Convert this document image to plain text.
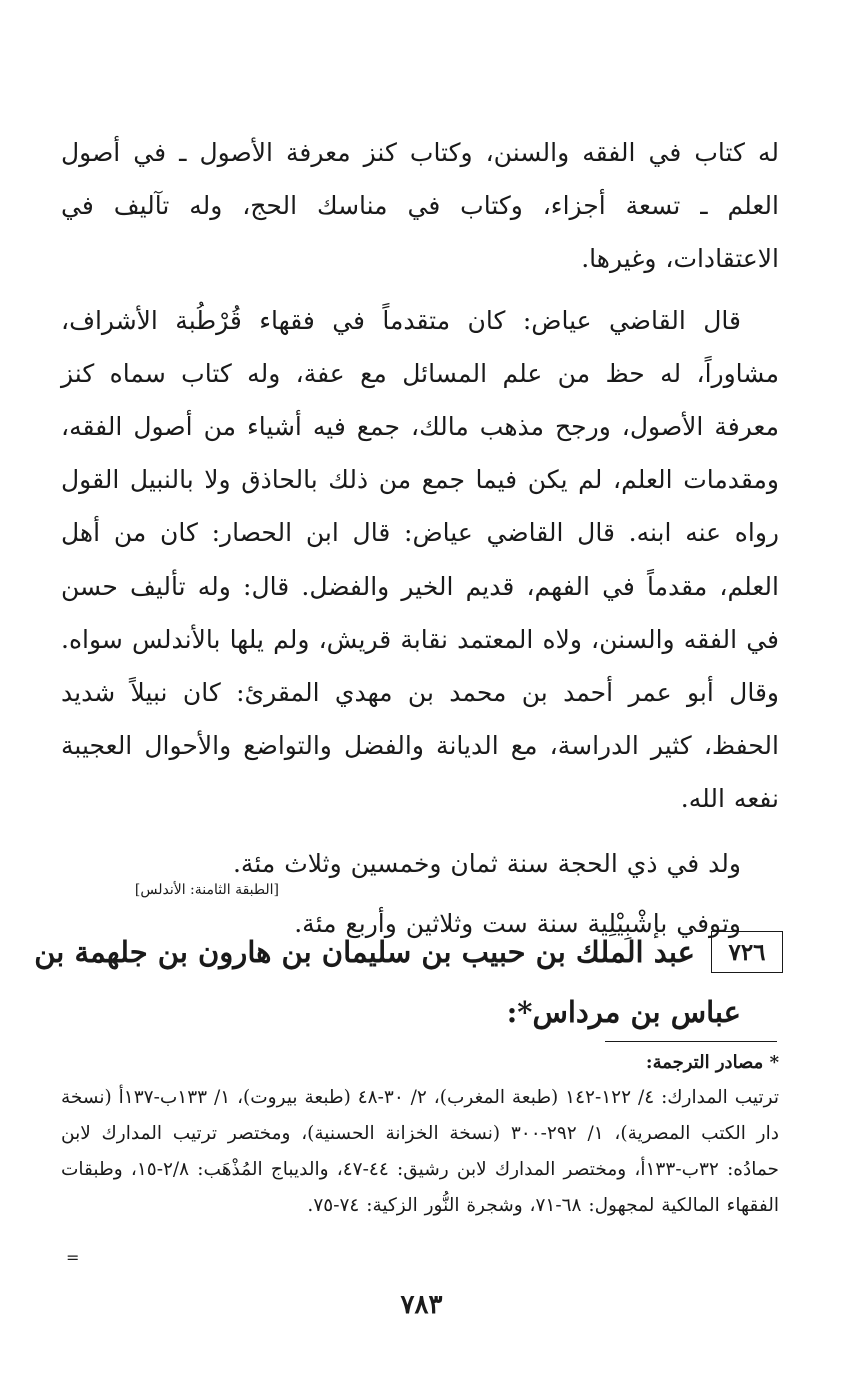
له كتاب في الفقه والسنن، وكتاب كنز معرفة الأصول ـ في أصول العلم ـ تسعة أجزاء، وكتاب في مناسك الحج، وله تآليف في الاعتقادات، وغيرها.

قال القاضي عياض: كان متقدماً في فقهاء قُرْطُبة الأشراف، مشاوراً، له حظ من علم المسائل مع عفة، وله كتاب سماه كنز معرفة الأصول، ورجح مذهب مالك، جمع فيه أشياء من أصول الفقه، ومقدمات العلم، لم يكن فيما جمع من ذلك بالحاذق ولا بالنبيل القول رواه عنه ابنه. قال القاضي عياض: قال ابن الحصار: كان من أهل العلم، مقدماً في الفهم، قديم الخير والفضل. قال: وله تأليف حسن في الفقه والسنن، ولاه المعتمد نقابة قريش، ولم يلها بالأندلس سواه. وقال أبو عمر أحمد بن محمد بن مهدي المقرئ: كان نبيلاً شديد الحفظ، كثير الدراسة، مع الديانة والفضل والتواضع والأحوال العجيبة نفعه الله.

ولد في ذي الحجة سنة ثمان وخمسين وثلاث مئة.

وتوفي بإشْبِيْلِية سنة ست وثلاثين وأربع مئة.

[الطبقة الثامنة: الأندلس]
٧٢٦
عبد الملك بن حبيب بن سليمان بن هارون بن جلهمة بن
عباس بن مرداس*:
* مصادر الترجمة:
ترتيب المدارك: ٤/ ١٢٢-١٤٢ (طبعة المغرب)، ٢/ ٣٠-٤٨ (طبعة بيروت)، ١/ ١٣٣ب-١٣٧أ (نسخة دار الكتب المصرية)، ١/ ٢٩٢-٣٠٠ (نسخة الخزانة الحسنية)، ومختصر ترتيب المدارك لابن حمادُه: ٣٢ب-١٣٣أ، ومختصر المدارك لابن رشيق: ٤٤-٤٧، والديباج المُذْهَب: ٢/٨-١٥، وطبقات الفقهاء المالكية لمجهول: ٦٨-٧١، وشجرة النُّور الزكية: ٧٤-٧٥.
=
٧٨٣
